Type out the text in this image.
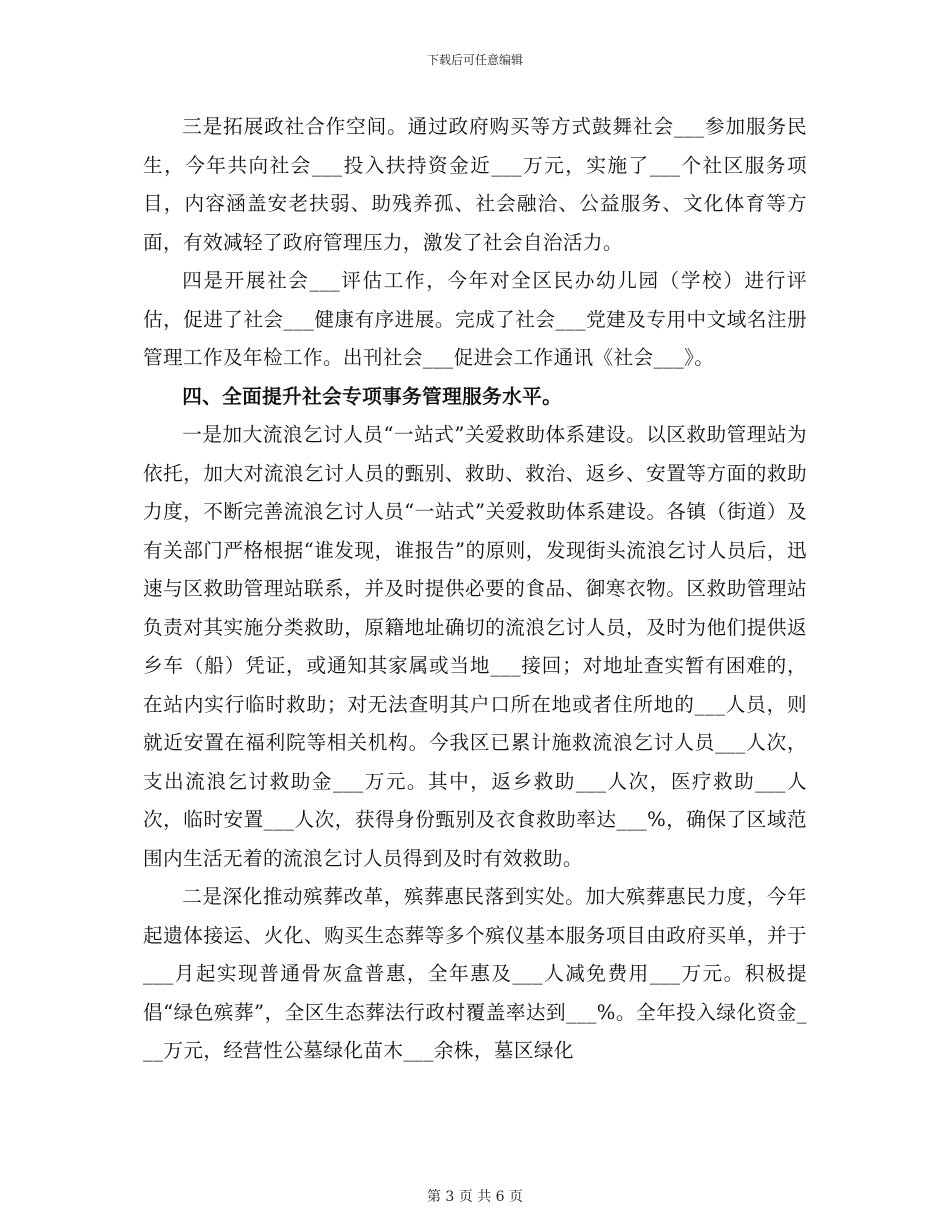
下载后可任意编辑

三是拓展政社合作空间。通过政府购买等方式鼓舞社会___参加服务民生，今年共向社会___投入扶持资金近___万元，实施了___个社区服务项目，内容涵盖安老扶弱、助残养孤、社会融洽、公益服务、文化体育等方面，有效减轻了政府管理压力，激发了社会自治活力。

四是开展社会___评估工作，今年对全区民办幼儿园（学校）进行评估，促进了社会___健康有序进展。完成了社会___党建及专用中文域名注册管理工作及年检工作。出刊社会___促进会工作通讯《社会___》。

四、全面提升社会专项事务管理服务水平。

一是加大流浪乞讨人员“一站式”关爱救助体系建设。以区救助管理站为依托，加大对流浪乞讨人员的甄别、救助、救治、返乡、安置等方面的救助力度，不断完善流浪乞讨人员“一站式”关爱救助体系建设。各镇（街道）及有关部门严格根据“谁发现，谁报告”的原则，发现街头流浪乞讨人员后，迅速与区救助管理站联系，并及时提供必要的食品、御寒衣物。区救助管理站负责对其实施分类救助，原籍地址确切的流浪乞讨人员，及时为他们提供返乡车（船）凭证，或通知其家属或当地___接回；对地址查实暂有困难的，在站内实行临时救助；对无法查明其户口所在地或者住所地的___人员，则就近安置在福利院等相关机构。今我区已累计施救流浪乞讨人员___人次，支出流浪乞讨救助金___万元。其中，返乡救助___人次，医疗救助___人次，临时安置___人次，获得身份甄别及衣食救助率达___%，确保了区域范围内生活无着的流浪乞讨人员得到及时有效救助。

二是深化推动殡葬改革，殡葬惠民落到实处。加大殡葬惠民力度，今年起遗体接运、火化、购买生态葬等多个殡仪基本服务项目由政府买单，并于___月起实现普通骨灰盒普惠，全年惠及___人减免费用___万元。积极提倡“绿色殡葬”，全区生态葬法行政村覆盖率达到___%。全年投入绿化资金___万元，经营性公墓绿化苗木___余株，墓区绿化

第 3 页 共 6 页
